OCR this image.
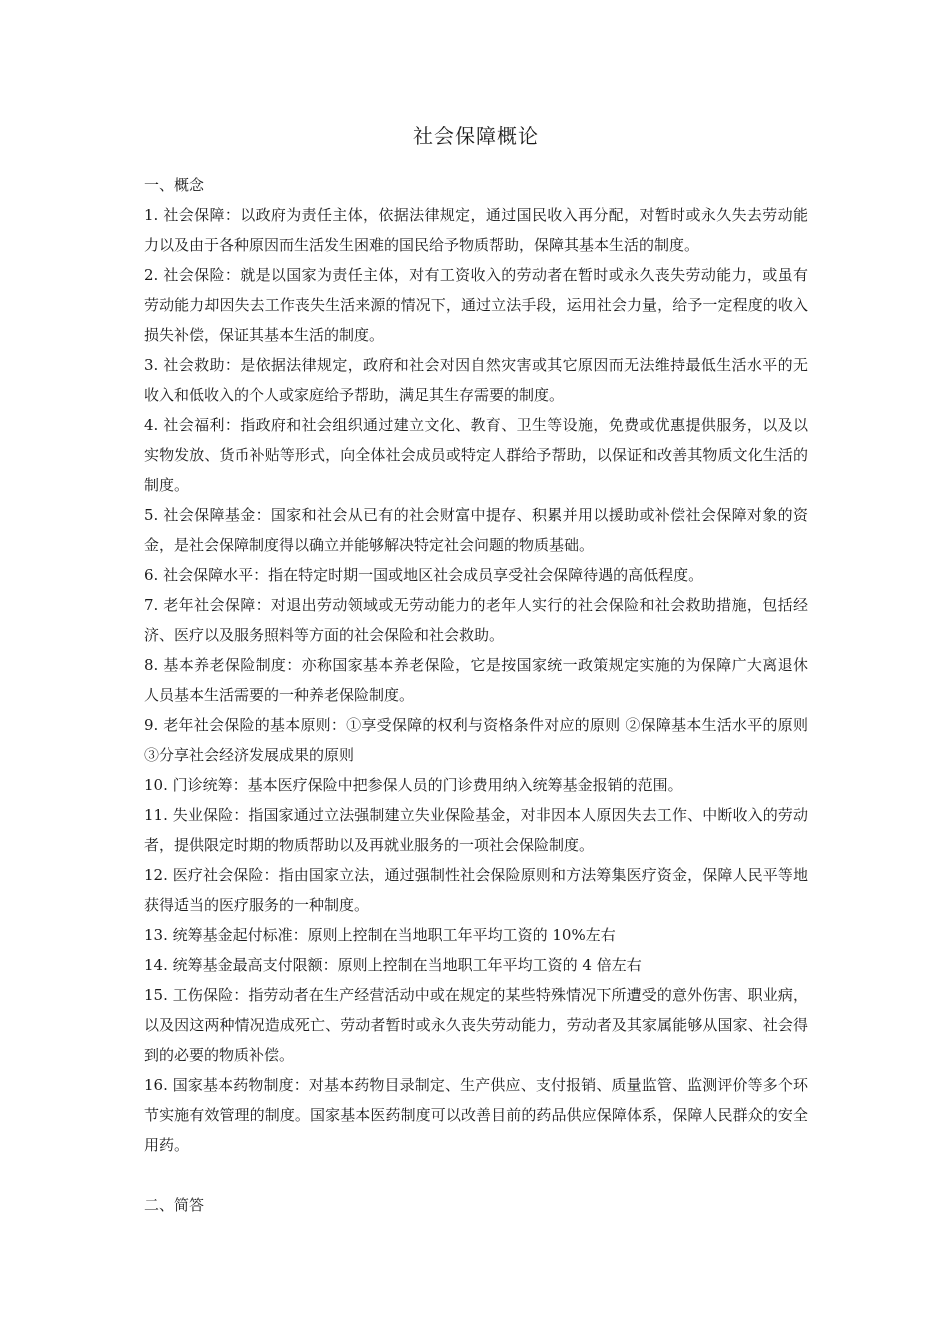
社会保障概论

一、概念

1. 社会保障：以政府为责任主体，依据法律规定，通过国民收入再分配，对暂时或永久失去劳动能力以及由于各种原因而生活发生困难的国民给予物质帮助，保障其基本生活的制度。

2. 社会保险：就是以国家为责任主体，对有工资收入的劳动者在暂时或永久丧失劳动能力，或虽有劳动能力却因失去工作丧失生活来源的情况下，通过立法手段，运用社会力量，给予一定程度的收入损失补偿，保证其基本生活的制度。

3. 社会救助：是依据法律规定，政府和社会对因自然灾害或其它原因而无法维持最低生活水平的无收入和低收入的个人或家庭给予帮助，满足其生存需要的制度。

4. 社会福利：指政府和社会组织通过建立文化、教育、卫生等设施，免费或优惠提供服务，以及以实物发放、货币补贴等形式，向全体社会成员或特定人群给予帮助，以保证和改善其物质文化生活的制度。

5. 社会保障基金：国家和社会从已有的社会财富中提存、积累并用以援助或补偿社会保障对象的资金，是社会保障制度得以确立并能够解决特定社会问题的物质基础。

6. 社会保障水平：指在特定时期一国或地区社会成员享受社会保障待遇的高低程度。

7. 老年社会保障：对退出劳动领域或无劳动能力的老年人实行的社会保险和社会救助措施，包括经济、医疗以及服务照料等方面的社会保险和社会救助。

8. 基本养老保险制度：亦称国家基本养老保险，它是按国家统一政策规定实施的为保障广大离退休人员基本生活需要的一种养老保险制度。

9. 老年社会保险的基本原则：①享受保障的权利与资格条件对应的原则 ②保障基本生活水平的原则 ③分享社会经济发展成果的原则

10. 门诊统筹：基本医疗保险中把参保人员的门诊费用纳入统筹基金报销的范围。

11. 失业保险：指国家通过立法强制建立失业保险基金，对非因本人原因失去工作、中断收入的劳动者，提供限定时期的物质帮助以及再就业服务的一项社会保险制度。

12. 医疗社会保险：指由国家立法，通过强制性社会保险原则和方法筹集医疗资金，保障人民平等地获得适当的医疗服务的一种制度。

13. 统筹基金起付标准：原则上控制在当地职工年平均工资的 10%左右

14. 统筹基金最高支付限额：原则上控制在当地职工年平均工资的 4 倍左右

15. 工伤保险：指劳动者在生产经营活动中或在规定的某些特殊情况下所遭受的意外伤害、职业病，以及因这两种情况造成死亡、劳动者暂时或永久丧失劳动能力，劳动者及其家属能够从国家、社会得到的必要的物质补偿。

16. 国家基本药物制度：对基本药物目录制定、生产供应、支付报销、质量监管、监测评价等多个环节实施有效管理的制度。国家基本医药制度可以改善目前的药品供应保障体系，保障人民群众的安全用药。

二、简答
